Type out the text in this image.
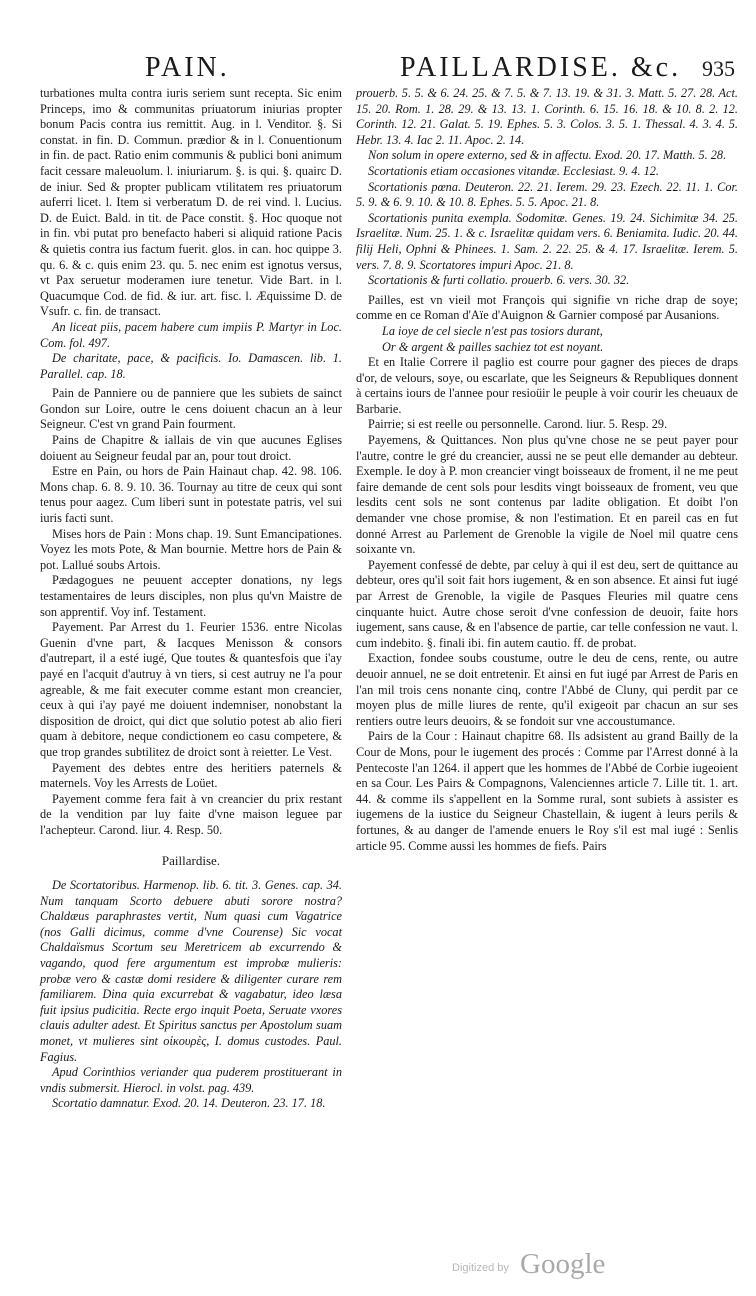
PAIN.	PAILLARDISE. &c. 935

turbationes multa contra iuris seriem sunt recepta. Sic enim Princeps, imo & communitas priuatorum iniurias propter bonum Pacis contra ius remittit. Aug. in l. Venditor. §. Si constat. in fin. D. Commun. prædior & in l. Conuentionum in fin. de pact. Ratio enim communis & publici boni animum facit cessare maleuolum. l. iniuriarum. §. is qui. §. quairc D. de iniur. Sed & propter publicam vtilitatem res priuatorum auferri licet. l. Item si verberatum D. de rei vind. l. Lucius. D. de Euict. Bald. in tit. de Pace constit. §. Hoc quoque not in fin. vbi putat pro benefacto haberi si aliquid ratione Pacis & quietis contra ius factum fuerit. glos. in can. hoc quippe 3. qu. 6. & c. quis enim 23. qu. 5. nec enim est ignotus versus, vt Pax seruetur moderamen iure tenetur. Vide Bart. in l. Quacumque Cod. de fid. & iur. art. fisc. l. Æquissime D. de Vsufr. c. fin. de transact.

An liceat piis, pacem habere cum impiis P. Martyr in Loc. Com. fol. 497.

De charitate, pace, & pacificis. Io. Damascen. lib. 1. Parallel. cap. 18.

Pain de Panniere ou de panniere que les subiets de sainct Gondon sur Loire, outre le cens doiuent chacun an à leur Seigneur. C'est vn grand Pain fourment.

Pains de Chapitre & iallais de vin que aucunes Eglises doiuent au Seigneur feudal par an, pour tout droict.

Estre en Pain, ou hors de Pain Hainaut chap. 42. 98. 106. Mons chap. 6. 8. 9. 10. 36. Tournay au titre de ceux qui sont tenus pour aagez. Cum liberi sunt in potestate patris, vel sui iuris facti sunt.

Mises hors de Pain : Mons chap. 19. Sunt Emancipationes. Voyez les mots Pote, & Man bournie. Mettre hors de Pain & pot. Lallué soubs Artois.

Pædagogues ne peuuent accepter donations, ny legs testamentaires de leurs disciples, non plus qu'vn Maistre de son apprentif. Voy inf. Testament.

Payement. Par Arrest du 1. Feurier 1536. entre Nicolas Guenin d'vne part, & Iacques Menisson & consors d'autrepart, il a esté iugé, Que toutes & quantesfois que i'ay payé en l'acquit d'autruy à vn tiers, si cest autruy ne l'a pour agreable, & me fait executer comme estant mon creancier, ceux à qui i'ay payé me doiuent indemniser, nonobstant la disposition de droict, qui dict que solutio potest ab alio fieri quam à debitore, neque condictionem eo casu competere, & que trop grandes subtilitez de droict sont à reietter. Le Vest.

Payement des debtes entre des heritiers paternels & maternels. Voy les Arrests de Loüet.

Payement comme fera fait à vn creancier du prix restant de la vendition par luy faite d'vne maison leguee par l'achepteur. Carond. liur. 4. Resp. 50.

Paillardise.

De Scortatoribus. Harmenop. lib. 6. tit. 3. Genes. cap. 34. Num tanquam Scorto debuere abuti sorore nostra? Chaldæus paraphrastes vertit, Num quasi cum Vagatrice (nos Galli dicimus, comme d'vne Courense) Sic vocat Chaldaïsmus Scortum seu Meretricem ab excurrendo & vagando, quod fere argumentum est improbæ mulieris: probæ vero & castæ domi residere & diligenter curare rem familiarem. Dina quia excurrebat & vagabatur, ideo læsa fuit ipsius pudicitia. Recte ergo inquit Poeta, Seruate vxores clauis adulter adest. Et Spiritus sanctus per Apostolum suam monet, vt mulieres sint οἰκουρὲς, I. domus custodes. Paul. Fagius.

Apud Corinthios veriander qua puderem prostituerant in vndis submersit. Hierocl. in volst. pag. 439.

Scortatio damnatur. Exod. 20. 14. Deuteron. 23. 17. 18.

prouerb. 5. 5. & 6. 24. 25. & 7. 5. & 7. 13. 19. & 31. 3. Matt. 5. 27. 28. Act. 15. 20. Rom. 1. 28. 29. & 13. 13. 1. Corinth. 6. 15. 16. 18. & 10. 8. 2. 12. Corinth. 12. 21. Galat. 5. 19. Ephes. 5. 3. Colos. 3. 5. 1. Thessal. 4. 3. 4. 5. Hebr. 13. 4. Iac 2. 11. Apoc. 2. 14.

Non solum in opere externo, sed & in affectu. Exod. 20. 17. Matth. 5. 28.

Scortationis etiam occasiones vitandæ. Ecclesiast. 9. 4. 12.

Scortationis pœna. Deuteron. 22. 21. Ierem. 29. 23. Ezech. 22. 11. 1. Cor. 5. 9. & 6. 9. 10. & 10. 8. Ephes. 5. 5. Apoc. 21. 8.

Scortationis punita exempla. Sodomitæ. Genes. 19. 24. Sichimitæ 34. 25. Israelitæ. Num. 25. 1. & c. Israelitæ quidam vers. 6. Beniamita. Iudic. 20. 44. filij Heli, Ophni & Phinees. 1. Sam. 2. 22. 25. & 4. 17. Israelitæ. Ierem. 5. vers. 7. 8. 9. Scortatores impuri Apoc. 21. 8.

Scortationis & furti collatio. prouerb. 6. vers. 30. 32.

Pailles, est vn vieil mot François qui signifie vn riche drap de soye; comme en ce Roman d'Aïe d'Auignon & Garnier composé par Ausanions.

La ioye de cel siecle n'est pas tosiors durant,

Or & argent & pailles sachiez tot est noyant.

Et en Italie Correre il paglio est courre pour gagner des pieces de draps d'or, de velours, soye, ou escarlate, que les Seigneurs & Republiques donnent à certains iours de l'annee pour resioüir le peuple à voir courir les cheuaux de Barbarie.

Pairrie; si est reelle ou personnelle. Carond. liur. 5. Resp. 29.

Payemens, & Quittances. Non plus qu'vne chose ne se peut payer pour l'autre, contre le gré du creancier, aussi ne se peut elle demander au debteur. Exemple. Ie doy à P. mon creancier vingt boisseaux de froment, il ne me peut faire demande de cent sols pour lesdits vingt boisseaux de froment, veu que lesdits cent sols ne sont contenus par ladite obligation. Et doibt l'on demander vne chose promise, & non l'estimation. Et en pareil cas en fut donné Arrest au Parlement de Grenoble la vigile de Noel mil quatre cens soixante vn.

Payement confessé de debte, par celuy à qui il est deu, sert de quittance au debteur, ores qu'il soit fait hors iugement, & en son absence. Et ainsi fut iugé par Arrest de Grenoble, la vigile de Pasques Fleuries mil quatre cens cinquante huict. Autre chose seroit d'vne confession de deuoir, faite hors iugement, sans cause, & en l'absence de partie, car telle confession ne vaut. l. cum indebito. §. finali ibi. fin autem cautio. ff. de probat.

Exaction, fondee soubs coustume, outre le deu de cens, rente, ou autre deuoir annuel, ne se doit entretenir. Et ainsi en fut iugé par Arrest de Paris en l'an mil trois cens nonante cinq, contre l'Abbé de Cluny, qui perdit par ce moyen plus de mille liures de rente, qu'il exigeoit par chacun an sur ses rentiers outre leurs deuoirs, & se fondoit sur vne accoustumance.

Pairs de la Cour : Hainaut chapitre 68. Ils adsistent au grand Bailly de la Cour de Mons, pour le iugement des procés : Comme par l'Arrest donné à la Pentecoste l'an 1264. il appert que les hommes de l'Abbé de Corbie iugeoient en sa Cour. Les Pairs & Compagnons, Valenciennes article 7. Lille tit. 1. art. 44. & comme ils s'appellent en la Somme rural, sont subiets à assister es iugemens de la iustice du Seigneur Chastellain, & iugent à leurs perils & fortunes, & au danger de l'amende enuers le Roy s'il est mal iugé : Senlis article 95. Comme aussi les hommes de fiefs. Pairs

Digitized by Google
